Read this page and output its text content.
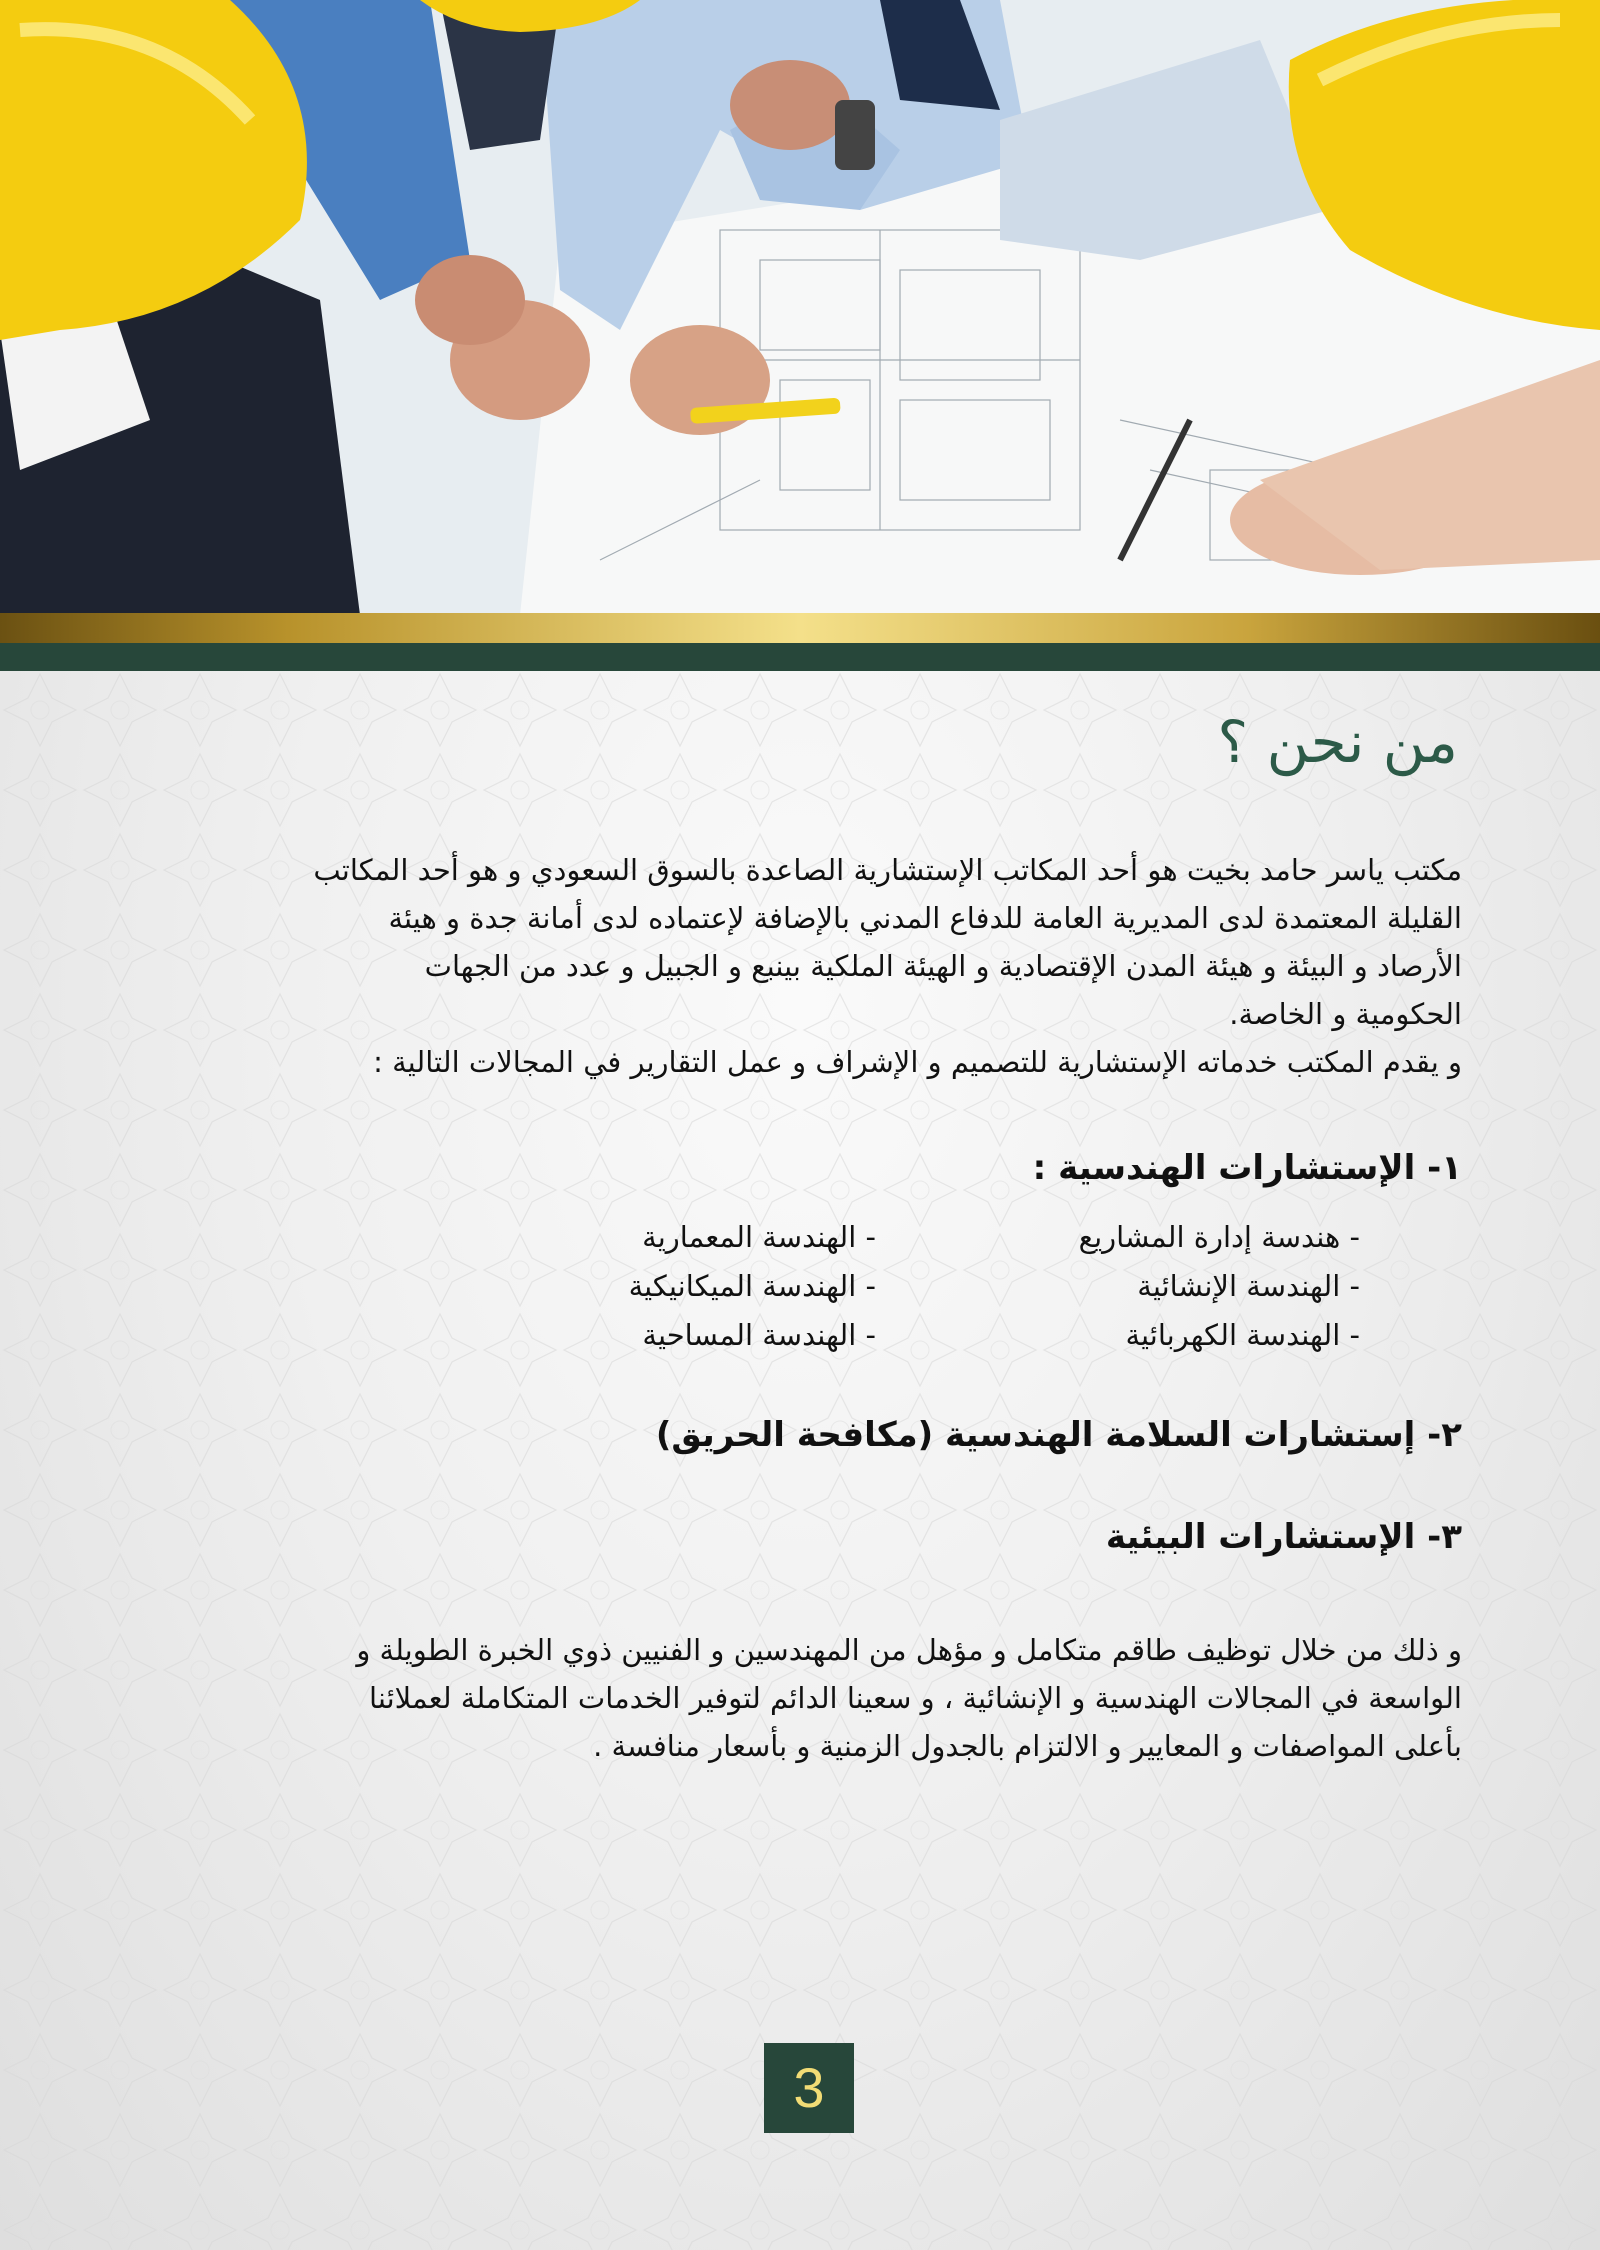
من نحن ؟

مكتب ياسر حامد بخيت هو أحد المكاتب الإستشارية الصاعدة بالسوق السعودي و هو أحد المكاتب

القليلة المعتمدة لدى المديرية العامة للدفاع المدني بالإضافة لإعتماده لدى أمانة جدة و هيئة

الأرصاد و البيئة و هيئة المدن الإقتصادية و الهيئة الملكية بينبع و الجبيل و عدد من الجهات

الحكومية و الخاصة.

و يقدم المكتب خدماته الإستشارية للتصميم و الإشراف و عمل التقارير في المجالات التالية :

١- الإستشارات الهندسية :
- هندسة إدارة المشاريع
- الهندسة الإنشائية
- الهندسة الكهربائية
- الهندسة المعمارية
- الهندسة الميكانيكية
- الهندسة المساحية
٢- إستشارات السلامة الهندسية (مكافحة الحريق)
٣- الإستشارات البيئية

و ذلك من خلال توظيف طاقم متكامل و مؤهل من المهندسين و الفنيين ذوي الخبرة الطويلة و

الواسعة في المجالات الهندسية و الإنشائية ، و سعينا الدائم لتوفير الخدمات المتكاملة لعملائنا

بأعلى المواصفات و المعايير و الالتزام بالجدول الزمنية و بأسعار منافسة .

3
